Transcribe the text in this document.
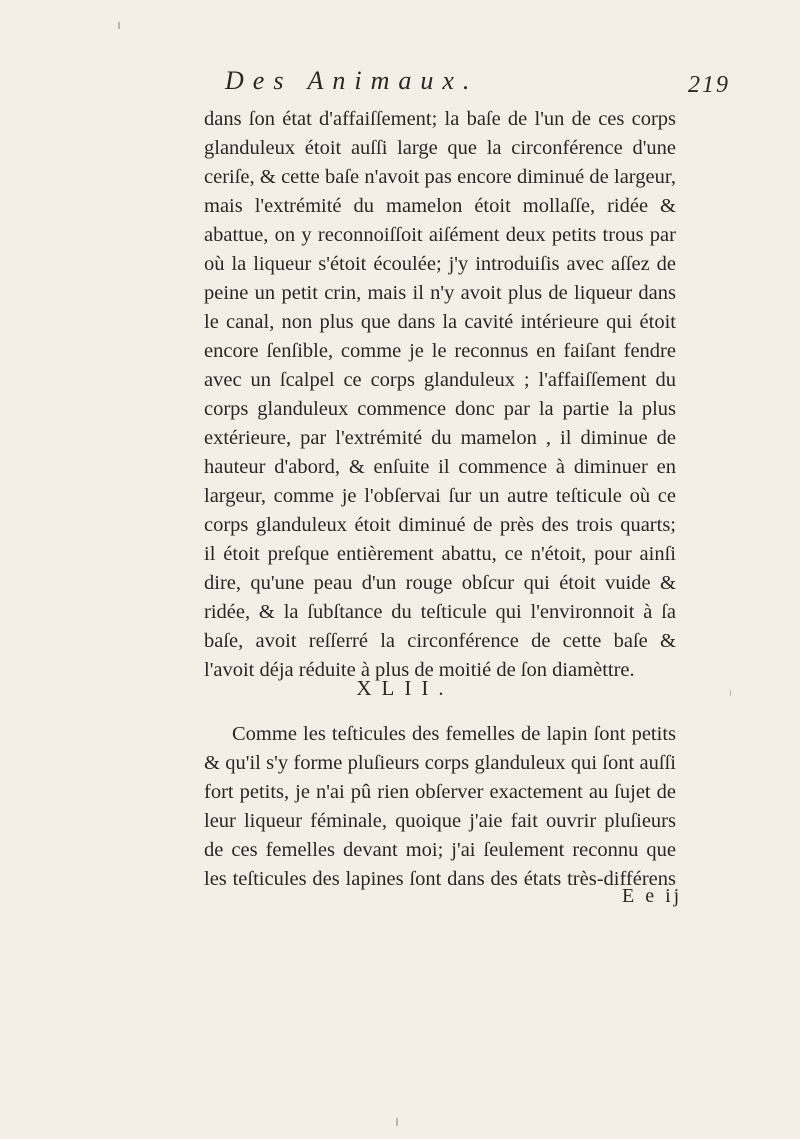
Des Animaux.	219
dans ſon état d'affaiſſement; la baſe de l'un de ces corps
glanduleux étoit auſſi large que la circonférence d'une
ceriſe, & cette baſe n'avoit pas encore diminué de largeur,
mais l'extrémité du mamelon étoit mollaſſe, ridée &
abattue, on y reconnoiſſoit aiſément deux petits trous par
où la liqueur s'étoit écoulée; j'y introduiſis avec aſſez de
peine un petit crin, mais il n'y avoit plus de liqueur dans
le canal, non plus que dans la cavité intérieure qui étoit
encore ſenſible, comme je le reconnus en faiſant fendre
avec un ſcalpel ce corps glanduleux ; l'affaiſſement du
corps glanduleux commence donc par la partie la plus
extérieure, par l'extrémité du mamelon , il diminue de
hauteur d'abord, & enſuite il commence à diminuer en
largeur, comme je l'obſervai ſur un autre teſticule où ce
corps glanduleux étoit diminué de près des trois quarts;
il étoit preſque entièrement abattu, ce n'étoit, pour ainſi
dire, qu'une peau d'un rouge obſcur qui étoit vuide &
ridée, & la ſubſtance du teſticule qui l'environnoit à ſa
baſe, avoit reſſerré la circonférence de cette baſe &
l'avoit déja réduite à plus de moitié de ſon diamèttre.
XLII.
Comme les teſticules des femelles de lapin ſont petits
& qu'il s'y forme pluſieurs corps glanduleux qui ſont auſſi
fort petits, je n'ai pû rien obſerver exactement au ſujet de
leur liqueur féminale, quoique j'aie fait ouvrir pluſieurs
de ces femelles devant moi; j'ai ſeulement reconnu que
les teſticules des lapines ſont dans des états très-différens
E e ij
